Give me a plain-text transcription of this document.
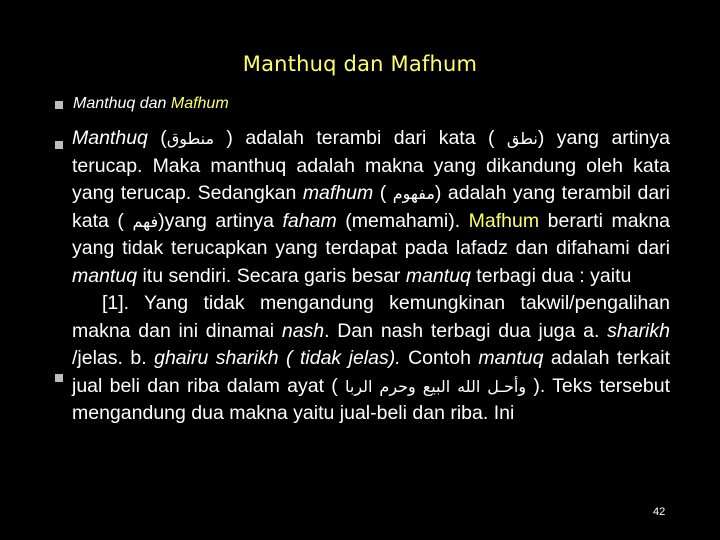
Manthuq dan Mafhum
Manthuq dan Mafhum

Manthuq (منطوق ) adalah terambi dari kata ( نطق) yang artinya terucap. Maka manthuq adalah makna yang dikandung oleh kata yang terucap. Sedangkan mafhum ( مفهوم) adalah yang terambil dari kata ( فهم)yang artinya faham (memahami). Mafhum berarti makna yang tidak terucapkan yang terdapat pada lafadz dan difahami dari mantuq itu sendiri. Secara garis besar mantuq terbagi dua : yaitu

[1]. Yang tidak mengandung kemungkinan takwil/pengalihan makna dan ini dinamai nash. Dan nash terbagi dua juga a. sharikh /jelas. b. ghairu sharikh ( tidak jelas). Contoh mantuq adalah terkait jual beli dan riba dalam ayat ( وأحـل الله البيع وحرم الربا ). Teks tersebut mengandung dua makna yaitu jual-beli dan riba. Ini

42
